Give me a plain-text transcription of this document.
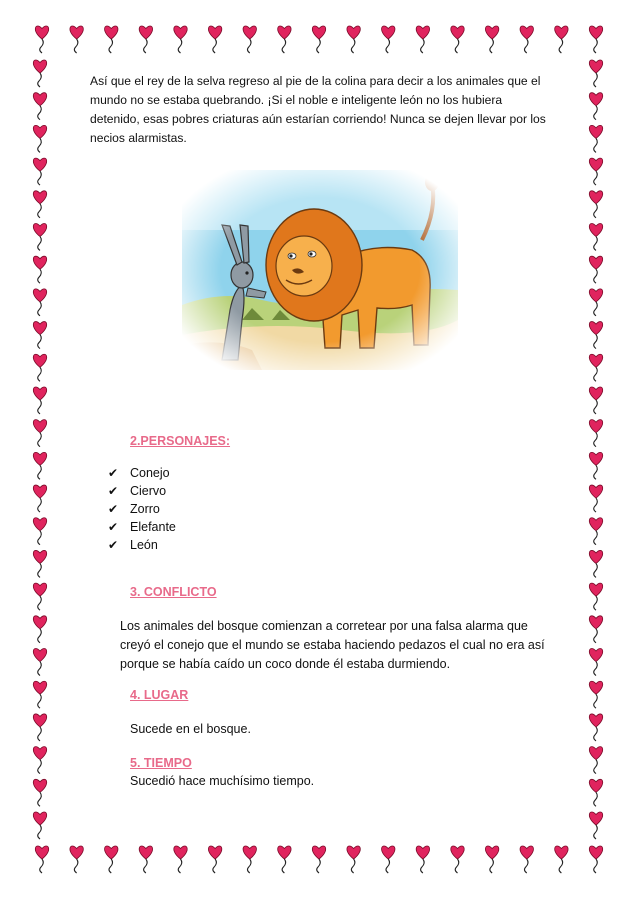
Así que el rey de la selva regreso al pie de la colina para decir a los animales que el mundo no se estaba quebrando. ¡Si el noble e inteligente león no los hubiera detenido, esas pobres criaturas aún estarían corriendo! Nunca se dejen llevar por los necios alarmistas.
2.PERSONAJES:
✔ Conejo
✔ Ciervo
✔ Zorro
✔ Elefante
✔ León
3. CONFLICTO
Los animales del bosque comienzan a corretear por una falsa alarma que creyó el conejo que el mundo se estaba haciendo pedazos el cual no era así porque se había caído un coco donde él estaba durmiendo.
4. LUGAR
Sucede en el bosque.
5. TIEMPO
Sucedió hace muchísimo tiempo.
